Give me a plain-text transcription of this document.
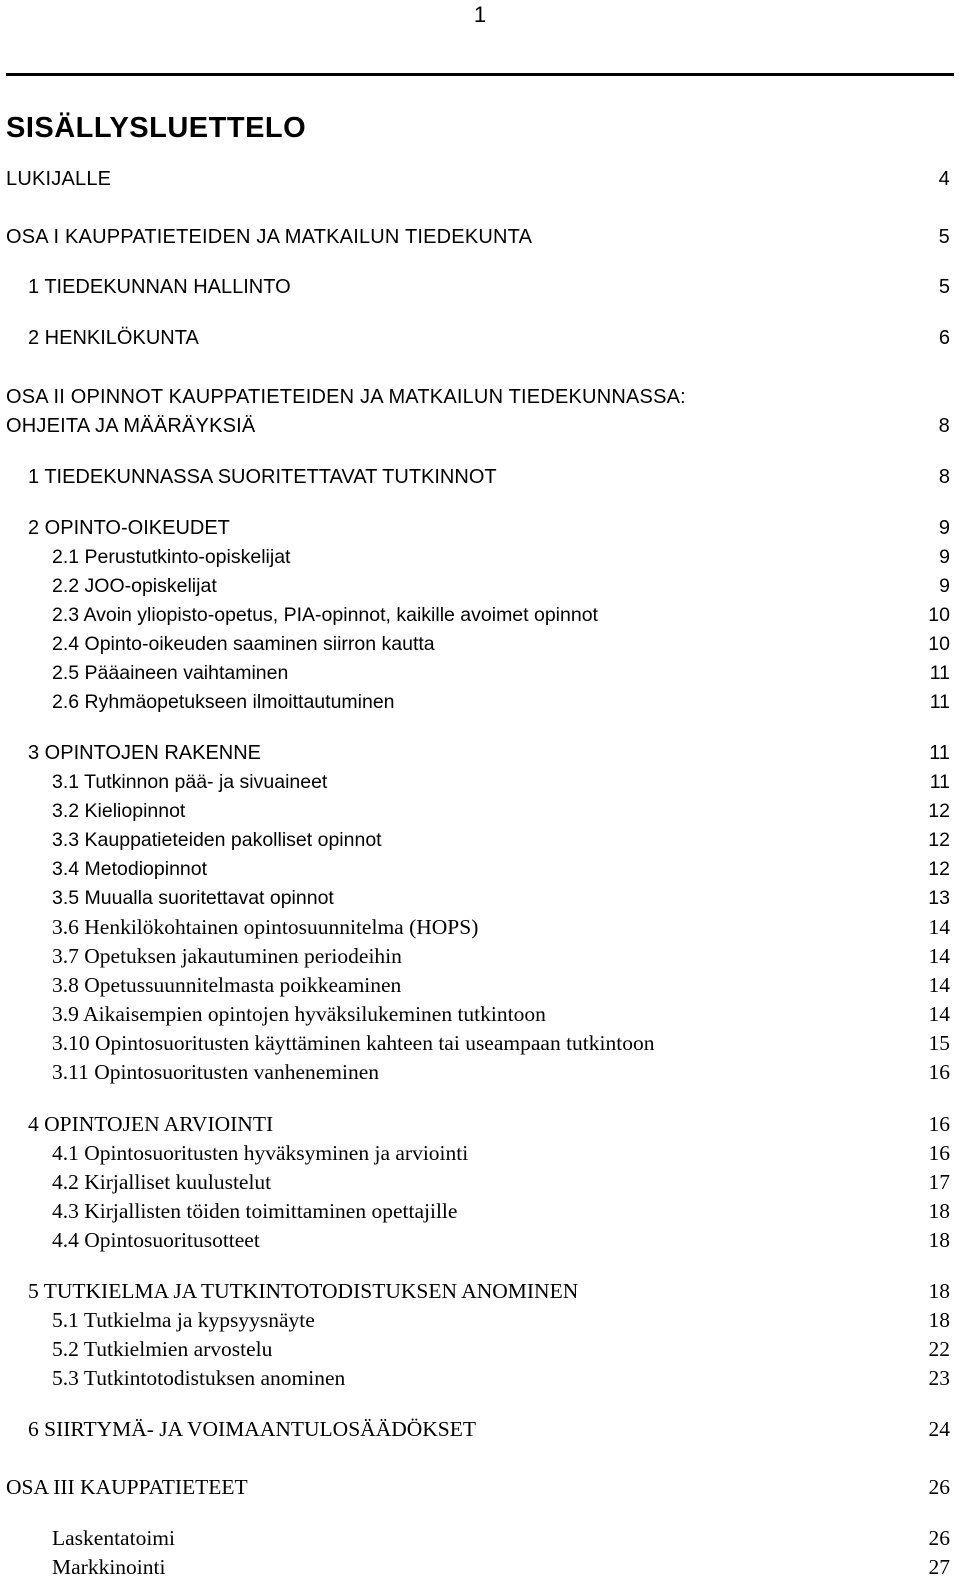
1
SISÄLLYSLUETTELO
LUKIJALLE	4
OSA I KAUPPATIETEIDEN JA MATKAILUN TIEDEKUNTA	5
1 TIEDEKUNNAN HALLINTO	5
2 HENKILÖKUNTA	6
OSA II OPINNOT KAUPPATIETEIDEN JA MATKAILUN TIEDEKUNNASSA:
OHJEITA JA MÄÄRÄYKSIÄ	8
1 TIEDEKUNNASSA SUORITETTAVAT TUTKINNOT	8
2 OPINTO-OIKEUDET	9
2.1 Perustutkinto-opiskelijat	9
2.2 JOO-opiskelijat	9
2.3 Avoin yliopisto-opetus, PIA-opinnot, kaikille avoimet opinnot	10
2.4 Opinto-oikeuden saaminen siirron kautta	10
2.5 Pääaineen vaihtaminen	11
2.6 Ryhmäopetukseen ilmoittautuminen	11
3 OPINTOJEN RAKENNE	11
3.1 Tutkinnon pää- ja sivuaineet	11
3.2 Kieliopinnot	12
3.3 Kauppatieteiden pakolliset opinnot	12
3.4 Metodiopinnot	12
3.5 Muualla suoritettavat opinnot	13
3.6 Henkilökohtainen opintosuunnitelma (HOPS)	14
3.7 Opetuksen jakautuminen periodeihin	14
3.8 Opetussuunnitelmasta poikkeaminen	14
3.9 Aikaisempien opintojen hyväksilukeminen tutkintoon	14
3.10 Opintosuoritusten käyttäminen kahteen tai useampaan tutkintoon	15
3.11 Opintosuoritusten vanheneminen	16
4 OPINTOJEN ARVIOINTI	16
4.1 Opintosuoritusten hyväksyminen ja arviointi	16
4.2 Kirjalliset kuulustelut	17
4.3 Kirjallisten töiden toimittaminen opettajille	18
4.4 Opintosuoritusotteet	18
5 TUTKIELMA JA TUTKINTOTODISTUKSEN ANOMINEN	18
5.1 Tutkielma ja kypsyysnäyte	18
5.2 Tutkielmien arvostelu	22
5.3 Tutkintotodistuksen anominen	23
6 SIIRTYMÄ- JA VOIMAANTULOSÄÄDÖKSET	24
OSA III KAUPPATIETEET	26
Laskentatoimi	26
Markkinointi	27
